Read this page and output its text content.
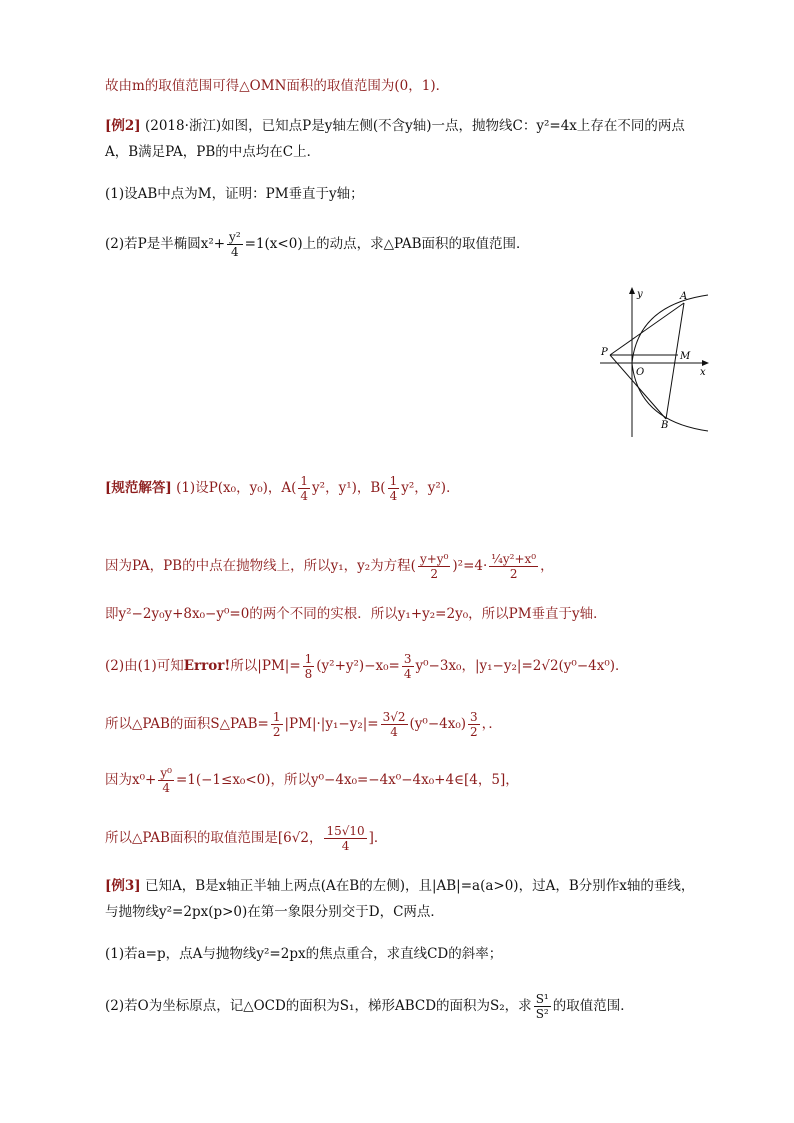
故由m的取值范围可得△OMN面积的取值范围为(0，1)．
[例2] (2018·浙江)如图，已知点P是y轴左侧(不含y轴)一点，抛物线C：y²=4x上存在不同的两点
A，B满足PA，PB的中点均在C上．
(1)设AB中点为M，证明：PM垂直于y轴；
(2)若P是半椭圆$x^2+ \frac{\text{y²}}{4} =1(x<0)$上的动点，求△PAB面积的取值范围．
y
x
A
B
P	M
O
[规范解答] (1)设P(x₀，y₀)，$A( \frac{1}{4} y^2$，y¹)，$B( \frac{1}{4} y^2$，y²)．
因为PA，PB的中点在抛物线上，所以y₁，y₂为方程( $\frac{\text{y+y⁰}}{2} )^2=4\cdot \frac{\text{¼y²+x⁰}}{2}$ ，
即y²−2y₀y+8x₀−y⁰=0的两个不同的实根．所以y₁+y₂=2y₀，所以PM垂直于y轴．
(2)由(1)可知Error!所以$|PM|= \frac{1}{8} (y^2+y^2)-x_0= \frac{3}{4} y^0-3x_0$，|y₁−y₂|=2√2(y⁰−4x⁰)．
所以△PAB的面积S△PAB= $\frac{1}{2} |PM|\cdot|y_1-y_2|= \frac{3√2}{4} (y^0-4x_0) \frac{3}{2}$ ，．
因为$x^0+ \frac{\text{y⁰}}{4} =1(-1\le x_0<0)$，所以y⁰−4x₀=−4x⁰−4x₀+4∈[4，5]，
所以△PAB面积的取值范围是[6√2， $\frac{15√10}{4}$ ]．
[例3] 已知A，B是x轴正半轴上两点(A在B的左侧)，且|AB|=a(a>0)，过A，B分别作x轴的垂线，
与抛物线y²=2px(p>0)在第一象限分别交于D，C两点．
(1)若a=p，点A与抛物线y²=2px的焦点重合，求直线CD的斜率；
(2)若O为坐标原点，记△OCD的面积为S₁，梯形ABCD的面积为S₂，求 $\frac{\text{S¹}}{\text{S²}}$ 的取值范围．
